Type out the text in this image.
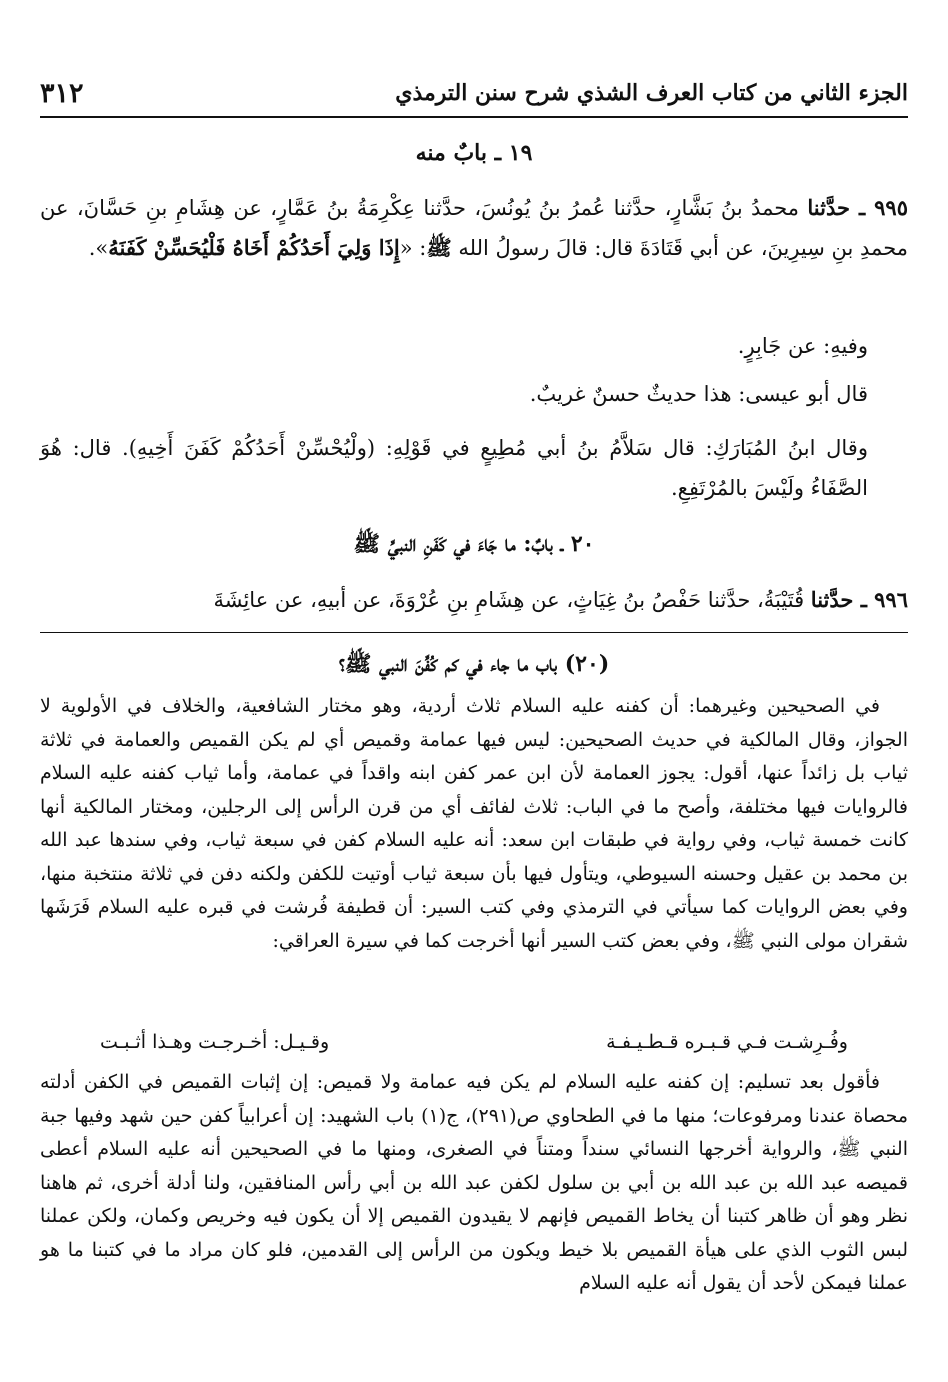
الجزء الثاني من كتاب العرف الشذي شرح سنن الترمذي
٣١٢
١٩ ـ بابٌ منه
٩٩٥ ـ حدَّثنا محمدُ بنُ بَشَّارٍ، حدَّثنا عُمرُ بنُ يُونُسَ، حدَّثنا عِكْرِمَةُ بنُ عَمَّارٍ، عن هِشَامِ بنِ حَسَّانَ، عن محمدِ بنِ سِيرِينَ، عن أبي قَتَادَةَ قال: قالَ رسولُ الله ﷺ: «إِذَا وَلِيَ أَحَدُكُمْ أَخَاهُ فَلْيُحَسِّنْ كَفَنَهُ».
وفيهِ: عن جَابِرٍ.
قال أبو عيسى: هذا حديثٌ حسنٌ غريبٌ.
وقال ابنُ المُبَارَكِ: قال سَلاَّمُ بنُ أبي مُطِيعٍ في قَوْلِهِ: (ولْيُحْسِّنْ أَحَدُكُمْ كَفَنَ أَخِيهِ). قال: هُوَ الصَّفَاءُ ولَيْسَ بالمُرْتَفِعِ.
٢٠ ـ بابٌ: ما جَاءَ في كَفَنِ النبيِّ ﷺ
٩٩٦ ـ حدَّثنا قُتَيْبَةُ، حدَّثنا حَفْصُ بنُ غِيَاثٍ، عن هِشَامِ بنِ عُرْوَةَ، عن أبيهِ، عن عائِشَةَ
(٢٠) باب ما جاء في كم كُفِّنَ النبي ﷺ؟
في الصحيحين وغيرهما: أن كفنه عليه السلام ثلاث أردية، وهو مختار الشافعية، والخلاف في الأولوية لا الجواز، وقال المالكية في حديث الصحيحين: ليس فيها عمامة وقميص أي لم يكن القميص والعمامة في ثلاثة ثياب بل زائداً عنها، أقول: يجوز العمامة لأن ابن عمر كفن ابنه واقداً في عمامة، وأما ثياب كفنه عليه السلام فالروايات فيها مختلفة، وأصح ما في الباب: ثلاث لفائف أي من قرن الرأس إلى الرجلين، ومختار المالكية أنها كانت خمسة ثياب، وفي رواية في طبقات ابن سعد: أنه عليه السلام كفن في سبعة ثياب، وفي سندها عبد الله بن محمد بن عقيل وحسنه السيوطي، ويتأول فيها بأن سبعة ثياب أوتيت للكفن ولكنه دفن في ثلاثة منتخبة منها، وفي بعض الروايات كما سيأتي في الترمذي وفي كتب السير: أن قطيفة فُرشت في قبره عليه السلام فَرَشَها شقران مولى النبي ﷺ، وفي بعض كتب السير أنها أخرجت كما في سيرة العراقي:
وفُـرِشـت فـي قـبـره قـطـيـفـة
وقـيـل: أخـرجـت وهـذا أثـبـت
فأقول بعد تسليم: إن كفنه عليه السلام لم يكن فيه عمامة ولا قميص: إن إثبات القميص في الكفن أدلته محصاة عندنا ومرفوعات؛ منها ما في الطحاوي ص(٢٩١)، ج(١) باب الشهيد: إن أعرابياً كفن حين شهد وفيها جبة النبي ﷺ، والرواية أخرجها النسائي سنداً ومتناً في الصغرى، ومنها ما في الصحيحين أنه عليه السلام أعطى قميصه عبد الله بن عبد الله بن أبي بن سلول لكفن عبد الله بن أبي رأس المنافقين، ولنا أدلة أخرى، ثم هاهنا نظر وهو أن ظاهر كتبنا أن يخاط القميص فإنهم لا يقيدون القميص إلا أن يكون فيه وخريص وكمان، ولكن عملنا لبس الثوب الذي على هيأة القميص بلا خيط ويكون من الرأس إلى القدمين، فلو كان مراد ما في كتبنا ما هو عملنا فيمكن لأحد أن يقول أنه عليه السلام
